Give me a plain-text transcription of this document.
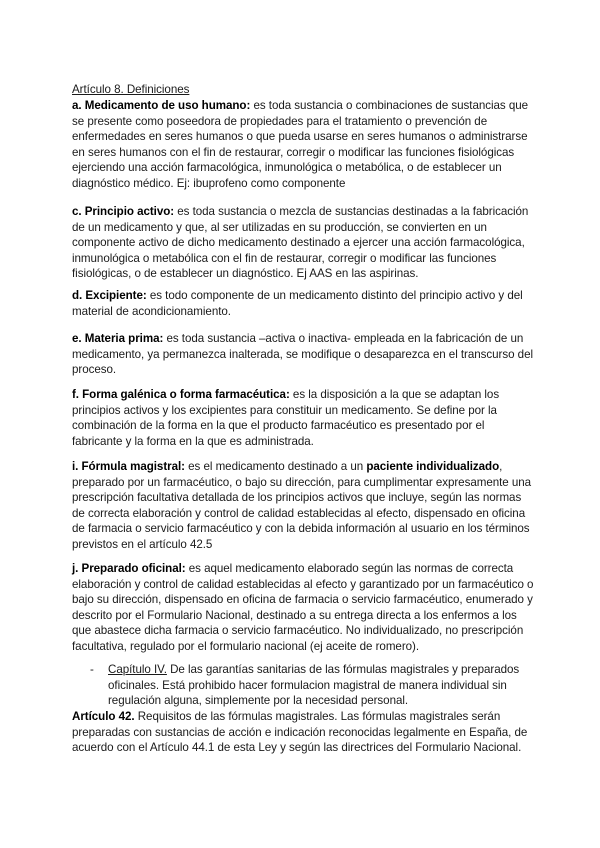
Artículo 8. Definiciones

a. Medicamento de uso humano: es toda sustancia o combinaciones de sustancias que se presente como poseedora de propiedades para el tratamiento o prevención de enfermedades en seres humanos o que pueda usarse en seres humanos o administrarse en seres humanos con el fin de restaurar, corregir o modificar las funciones fisiológicas ejerciendo una acción farmacológica, inmunológica o metabólica, o de establecer un diagnóstico médico. Ej: ibuprofeno como componente

c. Principio activo: es toda sustancia o mezcla de sustancias destinadas a la fabricación de un medicamento y que, al ser utilizadas en su producción, se convierten en un componente activo de dicho medicamento destinado a ejercer una acción farmacológica, inmunológica o metabólica con el fin de restaurar, corregir o modificar las funciones fisiológicas, o de establecer un diagnóstico. Ej AAS en las aspirinas.

d. Excipiente: es todo componente de un medicamento distinto del principio activo y del material de acondicionamiento.

e. Materia prima: es toda sustancia –activa o inactiva- empleada en la fabricación de un medicamento, ya permanezca inalterada, se modifique o desaparezca en el transcurso del proceso.

f. Forma galénica o forma farmacéutica: es la disposición a la que se adaptan los principios activos y los excipientes para constituir un medicamento. Se define por la combinación de la forma en la que el producto farmacéutico es presentado por el fabricante y la forma en la que es administrada.

i. Fórmula magistral: es el medicamento destinado a un paciente individualizado, preparado por un farmacéutico, o bajo su dirección, para cumplimentar expresamente una prescripción facultativa detallada de los principios activos que incluye, según las normas de correcta elaboración y control de calidad establecidas al efecto, dispensado en oficina de farmacia o servicio farmacéutico y con la debida información al usuario en los términos previstos en el artículo 42.5

j. Preparado oficinal: es aquel medicamento elaborado según las normas de correcta elaboración y control de calidad establecidas al efecto y garantizado por un farmacéutico o bajo su dirección, dispensado en oficina de farmacia o servicio farmacéutico, enumerado y descrito por el Formulario Nacional, destinado a su entrega directa a los enfermos a los que abastece dicha farmacia o servicio farmacéutico. No individualizado, no prescripción facultativa, regulado por el formulario nacional (ej aceite de romero).

- Capítulo IV. De las garantías sanitarias de las fórmulas magistrales y preparados oficinales. Está prohibido hacer formulacion magistral de manera individual sin regulación alguna, simplemente por la necesidad personal.

Artículo 42. Requisitos de las fórmulas magistrales. Las fórmulas magistrales serán preparadas con sustancias de acción e indicación reconocidas legalmente en España, de acuerdo con el Artículo 44.1 de esta Ley y según las directrices del Formulario Nacional.
